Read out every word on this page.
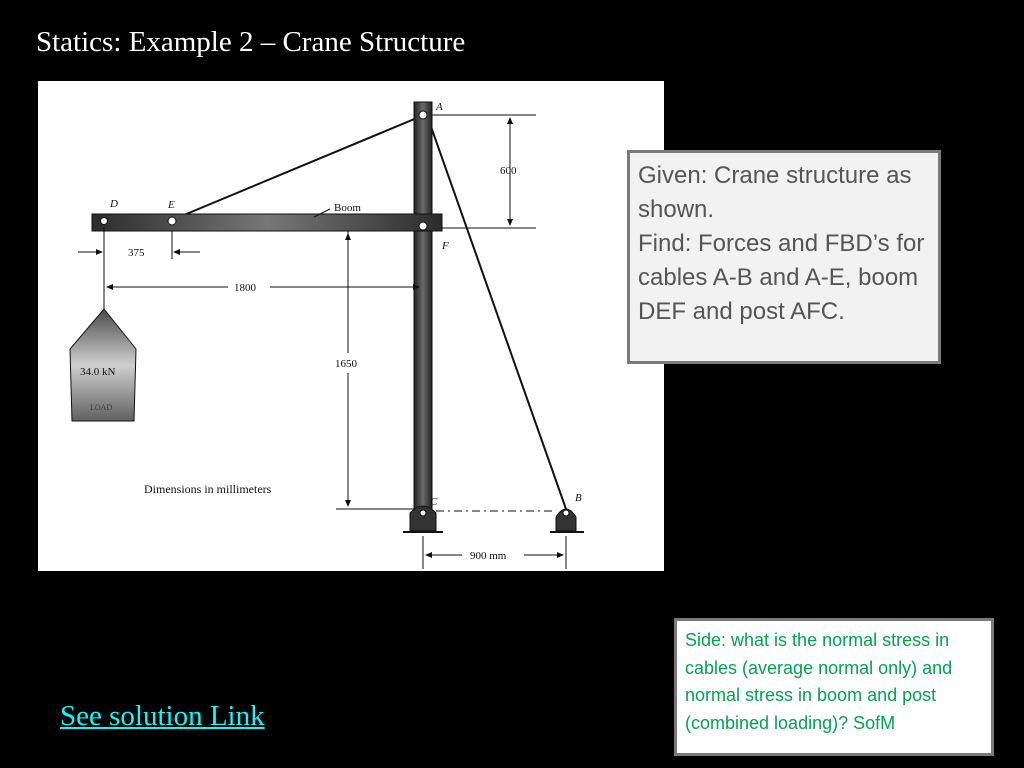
Statics: Example 2 – Crane Structure
A
D	E
F
C	B
Boom
600
375
1800
1650
900 mm
34.0 kN
LOAD
Dimensions in millimeters

Given: Crane structure as shown.

Find: Forces and FBD’s for cables A-B and A-E, boom DEF and post AFC.

Side: what is the normal stress in cables (average normal only) and normal stress in boom and post (combined loading)? SofM
See solution Link
